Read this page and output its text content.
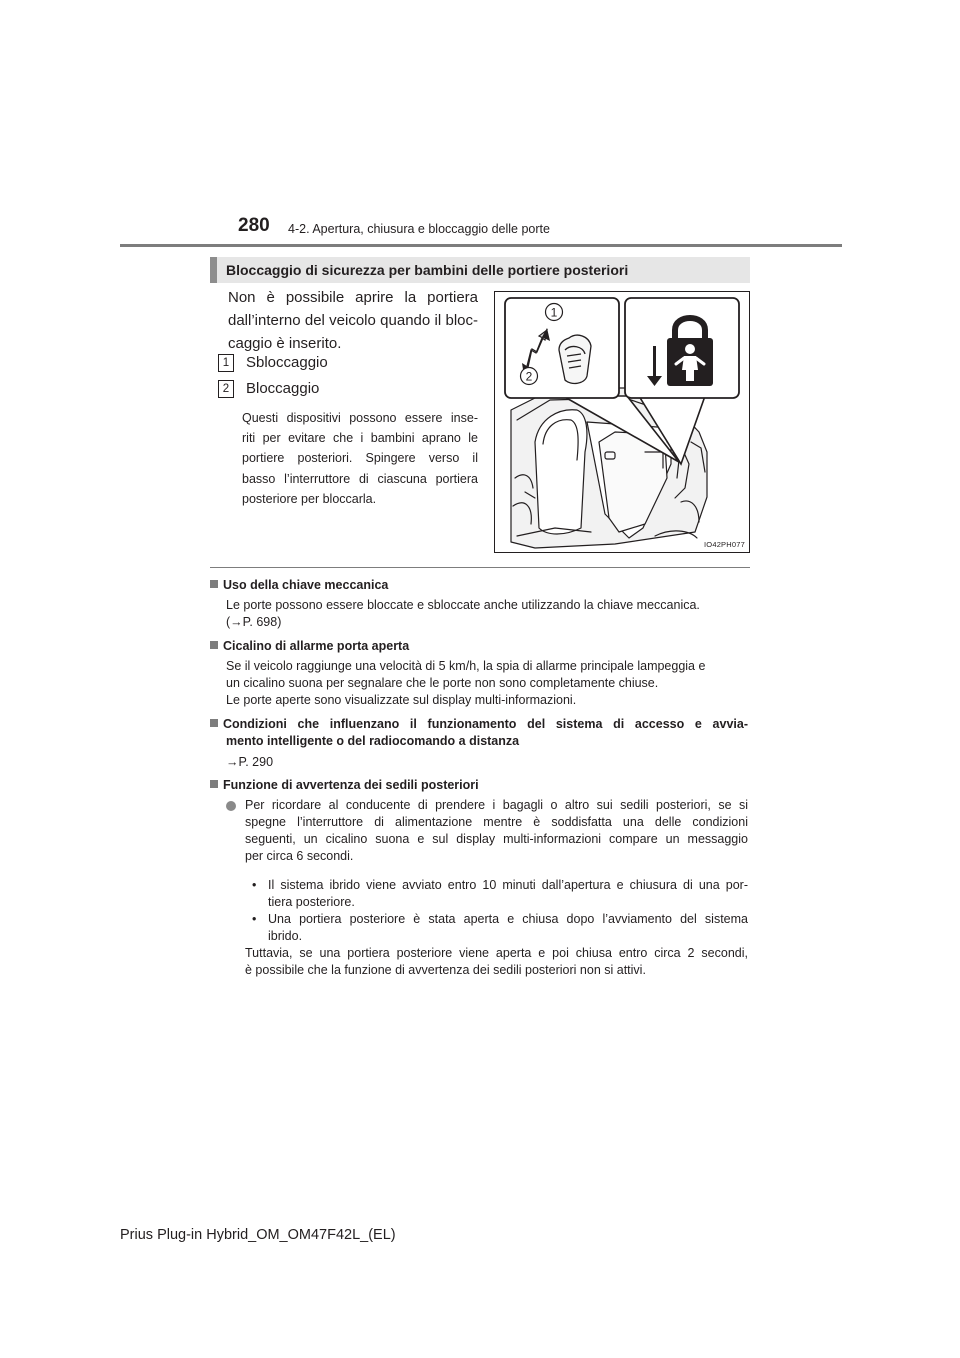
280 4-2. Apertura, chiusura e bloccaggio delle porte
Bloccaggio di sicurezza per bambini delle portiere posteriori
Non è possibile aprire la portiera
dall’interno del veicolo quando il bloc-
caggio è inserito.
1 Sbloccaggio
2 Bloccaggio
Questi dispositivi possono essere inse-
riti per evitare che i bambini aprano le
portiere posteriori. Spingere verso il
basso l’interruttore di ciascuna portiera
posteriore per bloccarla.
1
2
IO42PH077
Uso della chiave meccanica
Le porte possono essere bloccate e sbloccate anche utilizzando la chiave meccanica.
(→P. 698)
Cicalino di allarme porta aperta
Se il veicolo raggiunge una velocità di 5 km/h, la spia di allarme principale lampeggia e
un cicalino suona per segnalare che le porte non sono completamente chiuse.
Le porte aperte sono visualizzate sul display multi-informazioni.
Condizioni che influenzano il funzionamento del sistema di accesso e avvia-
mento intelligente o del radiocomando a distanza
→P. 290
Funzione di avvertenza dei sedili posteriori
Per ricordare al conducente di prendere i bagagli o altro sui sedili posteriori, se si
spegne l’interruttore di alimentazione mentre è soddisfatta una delle condizioni
seguenti, un cicalino suona e sul display multi-informazioni compare un messaggio
per circa 6 secondi.
• Il sistema ibrido viene avviato entro 10 minuti dall’apertura e chiusura di una por-
tiera posteriore.
• Una portiera posteriore è stata aperta e chiusa dopo l’avviamento del sistema
ibrido.
Tuttavia, se una portiera posteriore viene aperta e poi chiusa entro circa 2 secondi,
è possibile che la funzione di avvertenza dei sedili posteriori non si attivi.
Prius Plug-in Hybrid_OM_OM47F42L_(EL)
